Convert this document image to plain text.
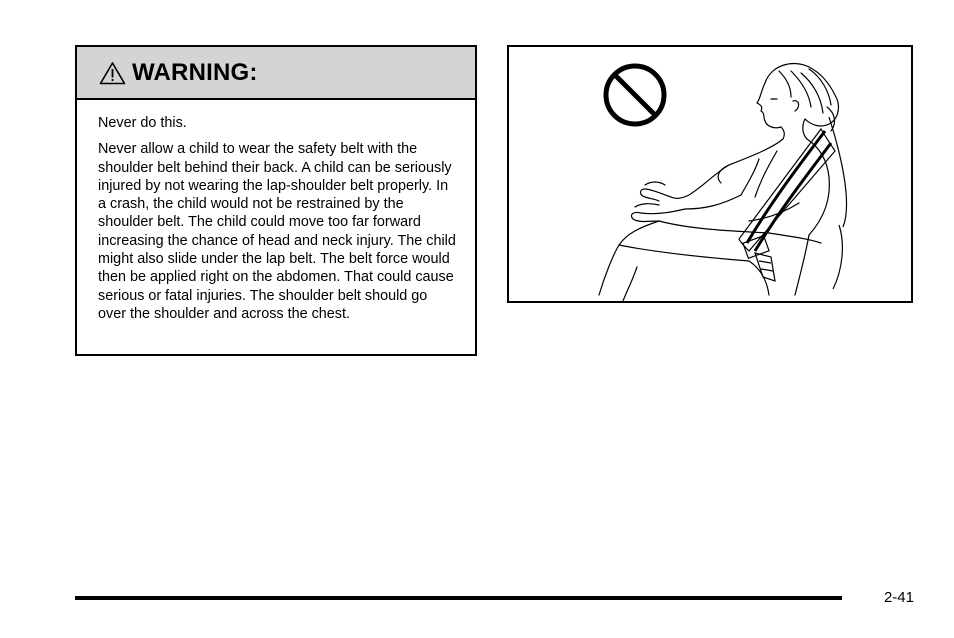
WARNING:

Never do this.

Never allow a child to wear the safety belt with the shoulder belt behind their back. A child can be seriously injured by not wearing the lap-shoulder belt properly. In a crash, the child would not be restrained by the shoulder belt. The child could move too far forward increasing the chance of head and neck injury. The child might also slide under the lap belt. The belt force would then be applied right on the abdomen. That could cause serious or fatal injuries. The shoulder belt should go over the shoulder and across the chest.

2-41
